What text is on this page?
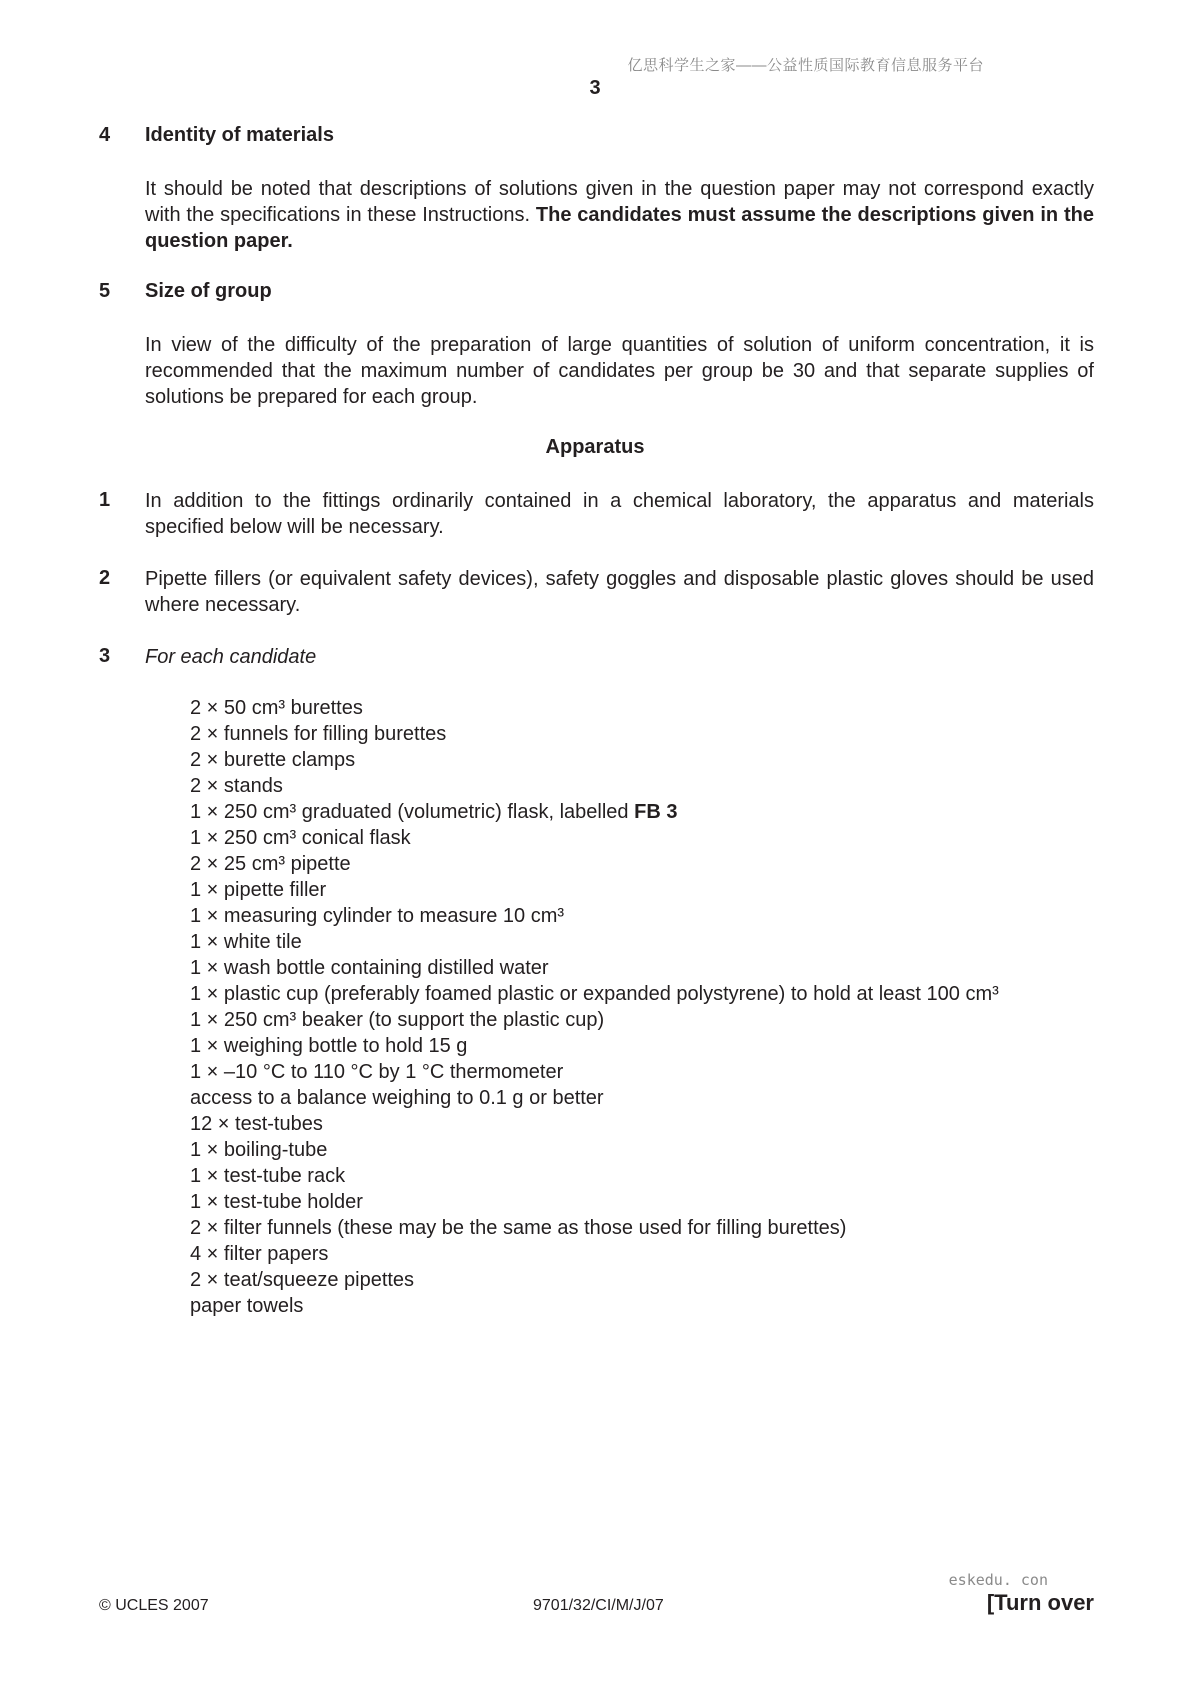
亿思科学生之家——公益性质国际教育信息服务平台
3
4 Identity of materials
It should be noted that descriptions of solutions given in the question paper may not correspond exactly with the specifications in these Instructions. The candidates must assume the descriptions given in the question paper.
5 Size of group
In view of the difficulty of the preparation of large quantities of solution of uniform concentration, it is recommended that the maximum number of candidates per group be 30 and that separate supplies of solutions be prepared for each group.
Apparatus
1 In addition to the fittings ordinarily contained in a chemical laboratory, the apparatus and materials specified below will be necessary.
2 Pipette fillers (or equivalent safety devices), safety goggles and disposable plastic gloves should be used where necessary.
3 For each candidate
2 × 50 cm³ burettes
2 × funnels for filling burettes
2 × burette clamps
2 × stands
1 × 250 cm³ graduated (volumetric) flask, labelled FB 3
1 × 250 cm³ conical flask
2 × 25 cm³ pipette
1 × pipette filler
1 × measuring cylinder to measure 10 cm³
1 × white tile
1 × wash bottle containing distilled water
1 × plastic cup (preferably foamed plastic or expanded polystyrene) to hold at least 100 cm³
1 × 250 cm³ beaker (to support the plastic cup)
1 × weighing bottle to hold 15 g
1 × –10 °C to 110 °C by 1 °C thermometer
access to a balance weighing to 0.1 g or better
12 × test-tubes
1 × boiling-tube
1 × test-tube rack
1 × test-tube holder
2 × filter funnels (these may be the same as those used for filling burettes)
4 × filter papers
2 × teat/squeeze pipettes
paper towels
eskedu. con
© UCLES 2007	9701/32/CI/M/J/07	[Turn over
